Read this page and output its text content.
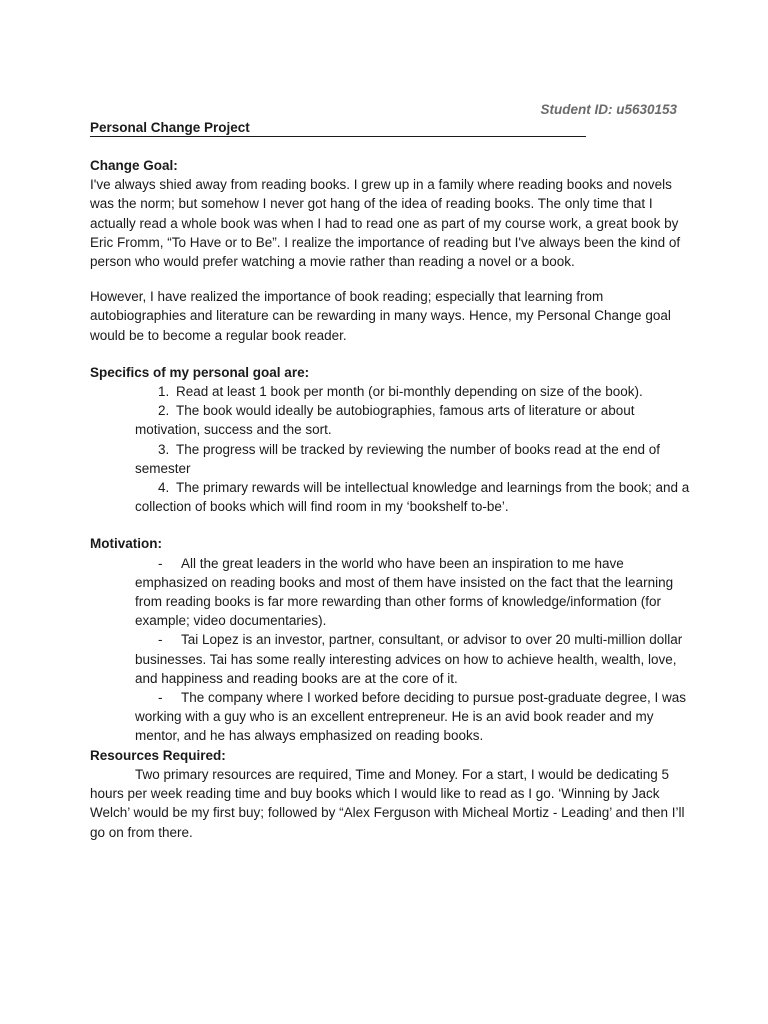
Student ID: u5630153
Personal Change Project

Change Goal:

I've always shied away from reading books. I grew up in a family where reading books and novels was the norm; but somehow I never got hang of the idea of reading books. The only time that I actually read a whole book was when I had to read one as part of my course work, a great book by Eric Fromm, “To Have or to Be”. I realize the importance of reading but I've always been the kind of person who would prefer watching a movie rather than reading a novel or a book.

However, I have realized the importance of book reading; especially that learning from autobiographies and literature can be rewarding in many ways. Hence, my Personal Change goal would be to become a regular book reader.

Specifics of my personal goal are:

1. Read at least 1 book per month (or bi-monthly depending on size of the book).

2. The book would ideally be autobiographies, famous arts of literature or about motivation, success and the sort.

3. The progress will be tracked by reviewing the number of books read at the end of semester

4. The primary rewards will be intellectual knowledge and learnings from the book; and a collection of books which will find room in my ‘bookshelf to-be’.

Motivation:

- All the great leaders in the world who have been an inspiration to me have emphasized on reading books and most of them have insisted on the fact that the learning from reading books is far more rewarding than other forms of knowledge/information (for example; video documentaries).

- Tai Lopez is an investor, partner, consultant, or advisor to over 20 multi-million dollar businesses. Tai has some really interesting advices on how to achieve health, wealth, love, and happiness and reading books are at the core of it.

- The company where I worked before deciding to pursue post-graduate degree, I was working with a guy who is an excellent entrepreneur. He is an avid book reader and my mentor, and he has always emphasized on reading books.

Resources Required:

Two primary resources are required, Time and Money. For a start, I would be dedicating 5 hours per week reading time and buy books which I would like to read as I go. ‘Winning by Jack Welch’ would be my first buy; followed by “Alex Ferguson with Micheal Mortiz - Leading’ and then I’ll go on from there.
